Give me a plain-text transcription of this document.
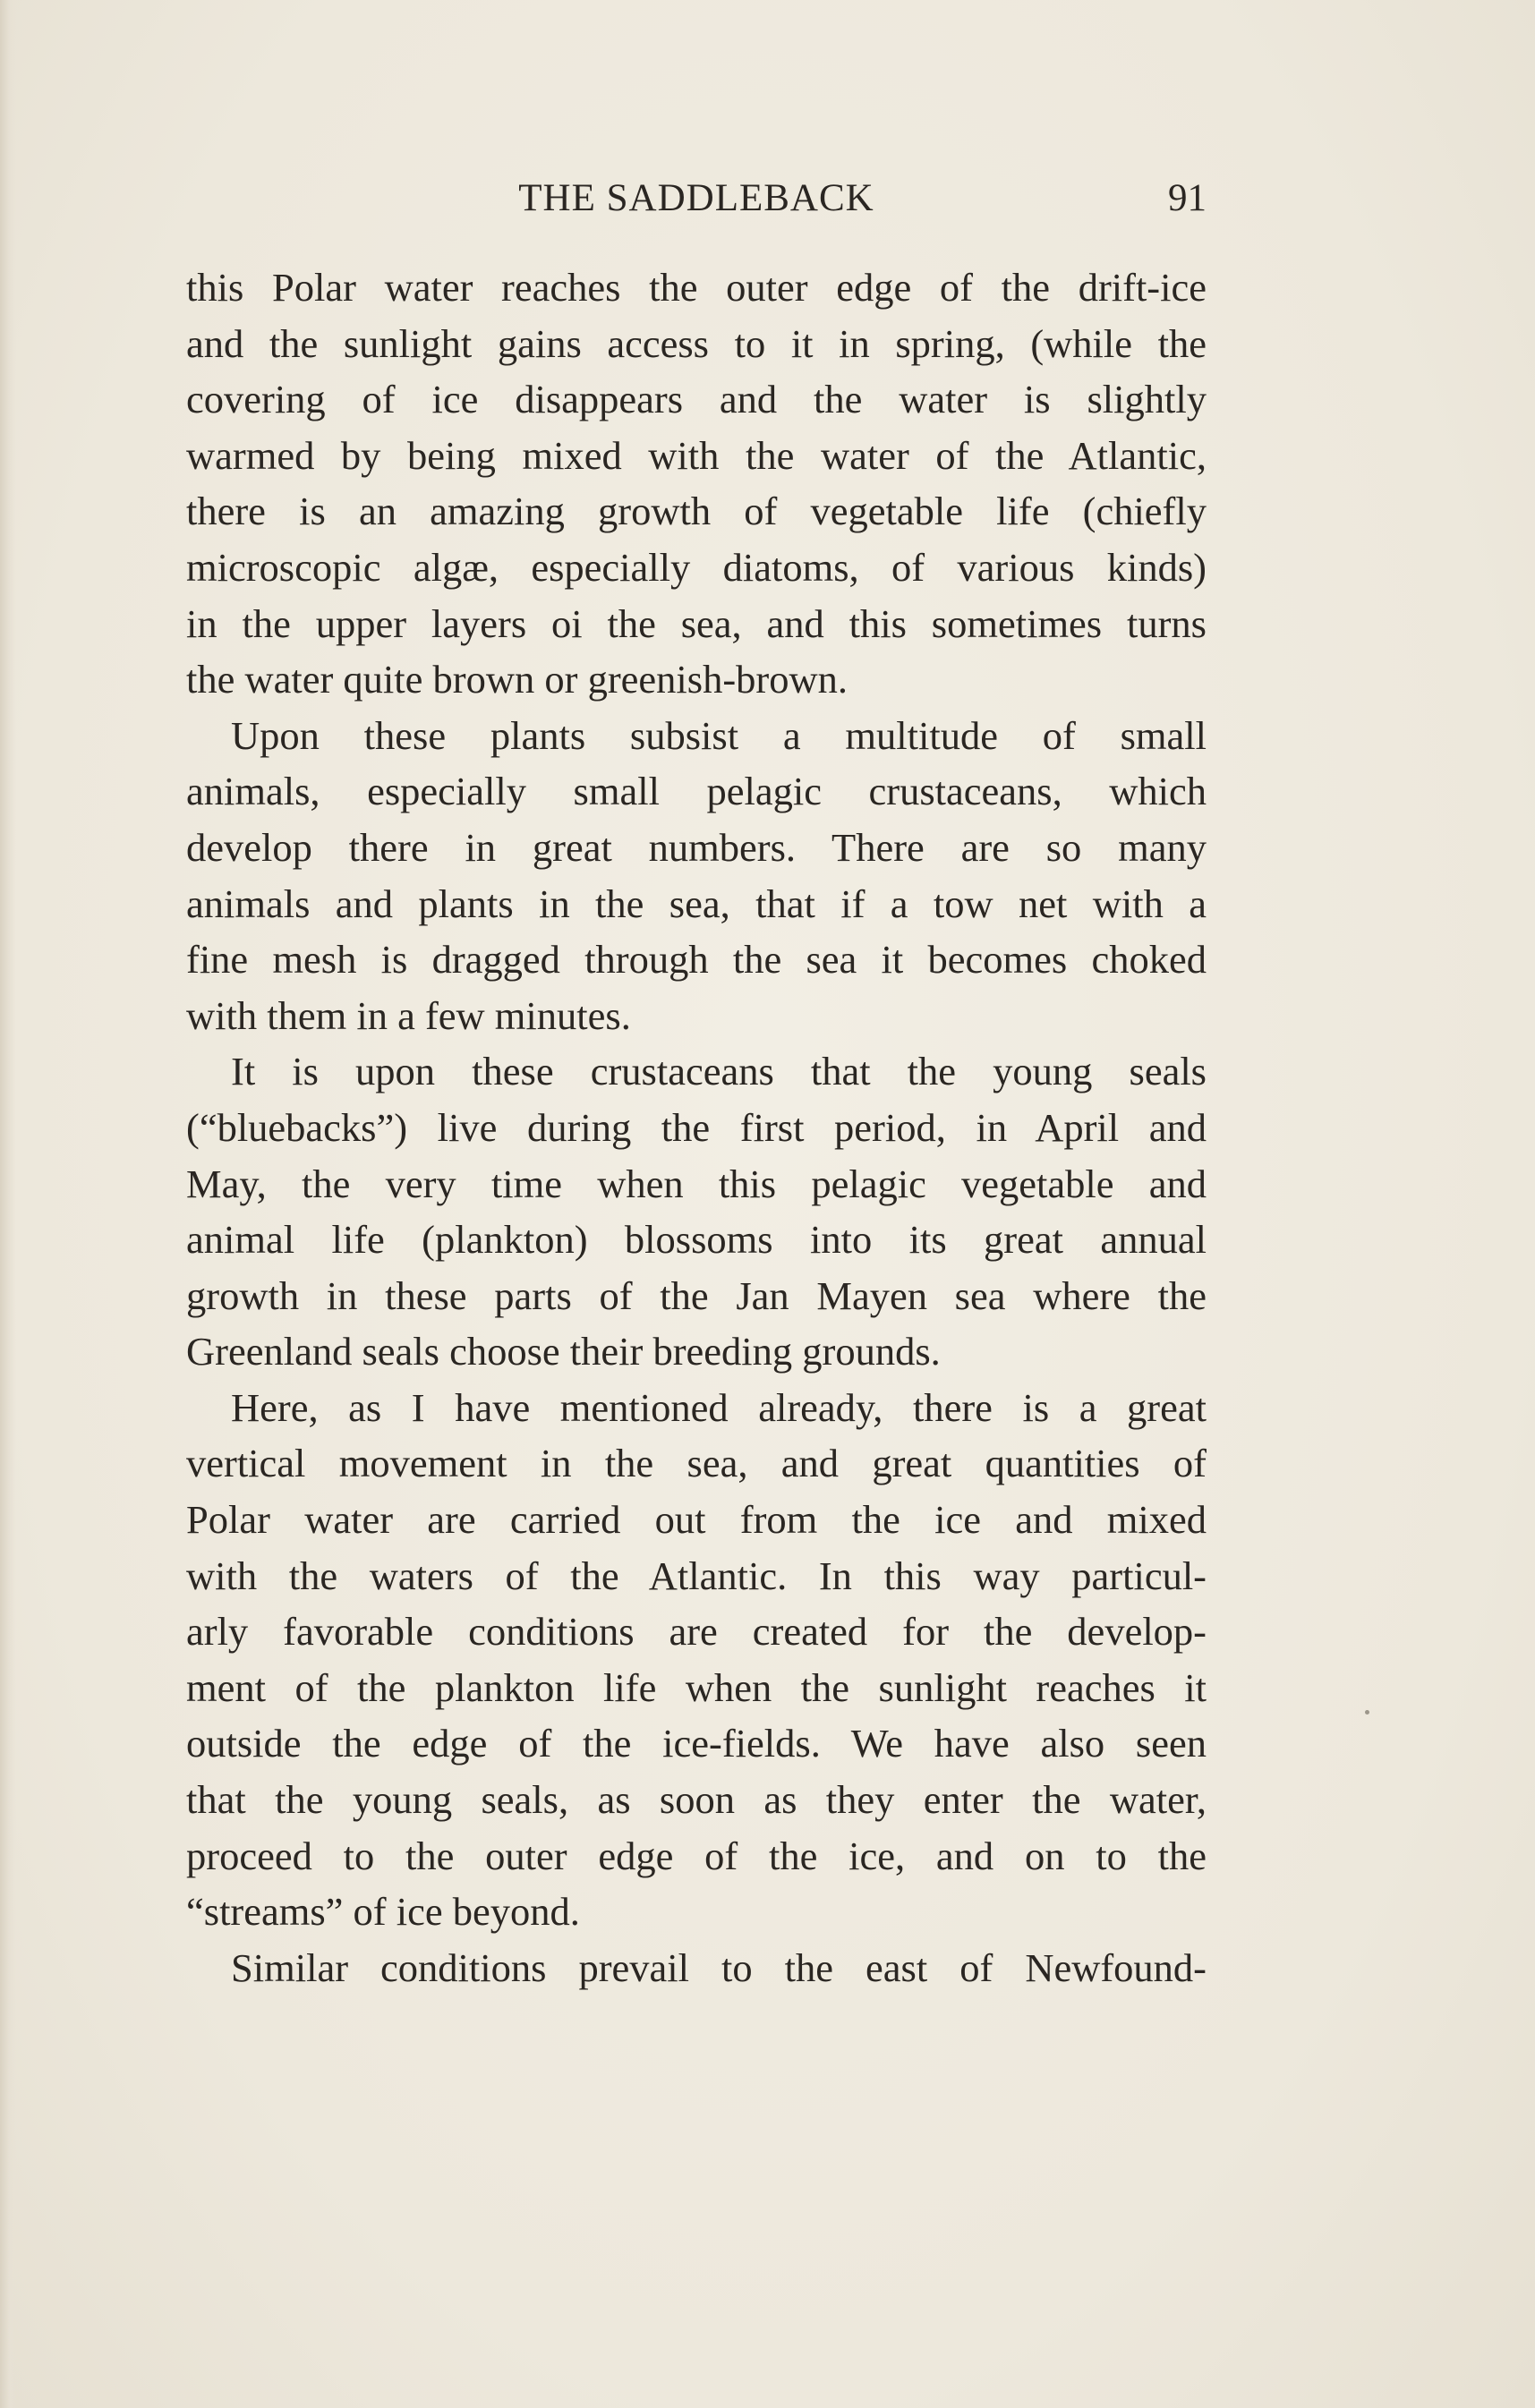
THE SADDLEBACK	91
this Polar water reaches the outer edge of the drift-ice
and the sunlight gains access to it in spring, (while the
covering of ice disappears and the water is slightly
warmed by being mixed with the water of the Atlantic,
there is an amazing growth of vegetable life (chiefly
microscopic algæ, especially diatoms, of various kinds)
in the upper layers oi the sea, and this sometimes turns
the water quite brown or greenish-brown.
Upon these plants subsist a multitude of small
animals, especially small pelagic crustaceans, which
develop there in great numbers. There are so many
animals and plants in the sea, that if a tow net with a
fine mesh is dragged through the sea it becomes choked
with them in a few minutes.
It is upon these crustaceans that the young seals
(“bluebacks”) live during the first period, in April and
May, the very time when this pelagic vegetable and
animal life (plankton) blossoms into its great annual
growth in these parts of the Jan Mayen sea where the
Greenland seals choose their breeding grounds.
Here, as I have mentioned already, there is a great
vertical movement in the sea, and great quantities of
Polar water are carried out from the ice and mixed
with the waters of the Atlantic. In this way particul-
arly favorable conditions are created for the develop-
ment of the plankton life when the sunlight reaches it
outside the edge of the ice-fields. We have also seen
that the young seals, as soon as they enter the water,
proceed to the outer edge of the ice, and on to the
“streams” of ice beyond.
Similar conditions prevail to the east of Newfound-
